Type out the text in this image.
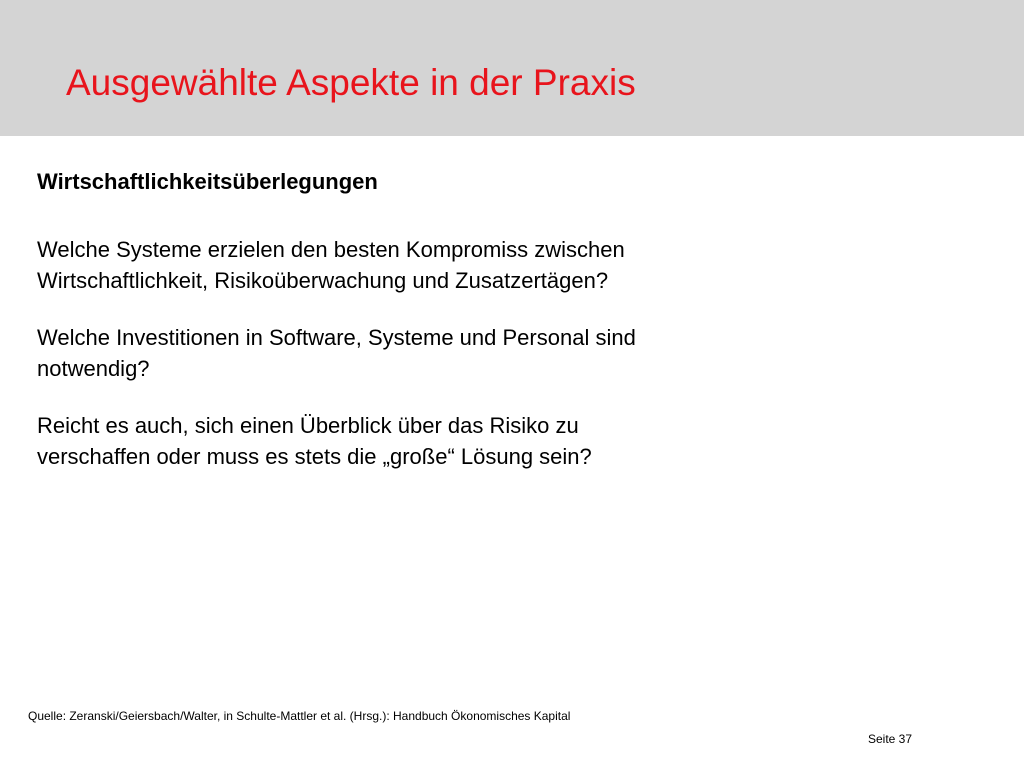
Ausgewählte Aspekte in der Praxis
Wirtschaftlichkeitsüberlegungen

Welche Systeme erzielen den besten Kompromiss zwischen Wirtschaftlichkeit, Risikoüberwachung und Zusatzertägen?

Welche Investitionen in Software, Systeme und Personal sind notwendig?

Reicht es auch, sich einen Überblick über das Risiko zu verschaffen oder muss es stets die „große“ Lösung sein?

Quelle: Zeranski/Geiersbach/Walter, in Schulte-Mattler et al. (Hrsg.): Handbuch Ökonomisches Kapital

Seite 37
